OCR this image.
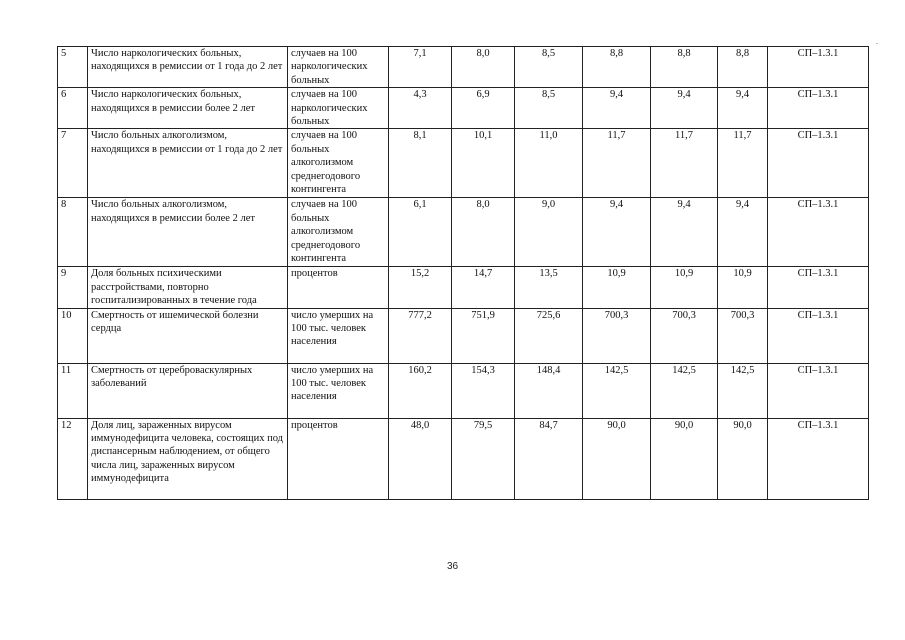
5	Число наркологических больных, находящихся в ремиссии от 1 года до 2 лет	случаев на 100 наркологических больных	7,1	8,0	8,5	8,8	8,8	8,8	СП–1.3.1
6	Число наркологических больных, находящихся в ремиссии более 2 лет	случаев на 100 наркологических больных	4,3	6,9	8,5	9,4	9,4	9,4	СП–1.3.1
7	Число больных алкоголизмом, находящихся в ремиссии от 1 года до 2 лет	случаев на 100 больных алкоголизмом среднегодового контингента	8,1	10,1	11,0	11,7	11,7	11,7	СП–1.3.1
8	Число больных алкоголизмом, находящихся в ремиссии более 2 лет	случаев на 100 больных алкоголизмом среднегодового контингента	6,1	8,0	9,0	9,4	9,4	9,4	СП–1.3.1
9	Доля больных психическими расстройствами, повторно госпитализированных в течение года	процентов	15,2	14,7	13,5	10,9	10,9	10,9	СП–1.3.1
10	Смертность от ишемической болезни сердца	число умерших на 100 тыс. человек населения	777,2	751,9	725,6	700,3	700,3	700,3	СП–1.3.1
11	Смертность от цереброваскулярных заболеваний	число умерших на 100 тыс. человек населения	160,2	154,3	148,4	142,5	142,5	142,5	СП–1.3.1
12	Доля лиц, зараженных вирусом иммунодефицита человека, состоящих под диспансерным наблюдением, от общего числа лиц, зараженных вирусом иммунодефицита	процентов	48,0	79,5	84,7	90,0	90,0	90,0	СП–1.3.1
36
